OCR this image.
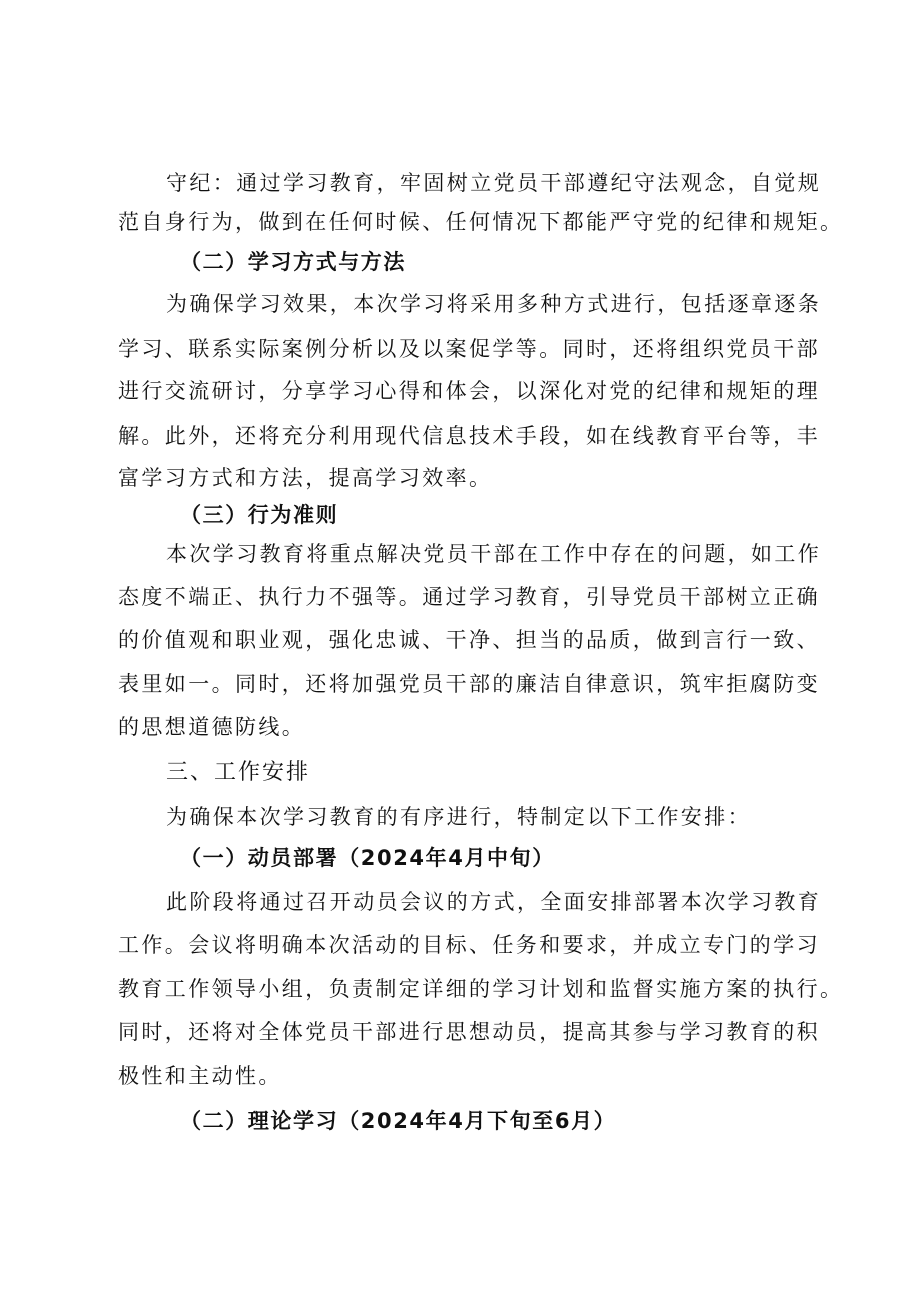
守纪：通过学习教育，牢固树立党员干部遵纪守法观念，自觉规
范自身行为，做到在任何时候、任何情况下都能严守党的纪律和规矩。
（二）学习方式与方法
为确保学习效果，本次学习将采用多种方式进行，包括逐章逐条
学习、联系实际案例分析以及以案促学等。同时，还将组织党员干部
进行交流研讨，分享学习心得和体会，以深化对党的纪律和规矩的理
解。此外，还将充分利用现代信息技术手段，如在线教育平台等，丰
富学习方式和方法，提高学习效率。
（三）行为准则
本次学习教育将重点解决党员干部在工作中存在的问题，如工作
态度不端正、执行力不强等。通过学习教育，引导党员干部树立正确
的价值观和职业观，强化忠诚、干净、担当的品质，做到言行一致、
表里如一。同时，还将加强党员干部的廉洁自律意识，筑牢拒腐防变
的思想道德防线。
三、工作安排
为确保本次学习教育的有序进行，特制定以下工作安排：
（一）动员部署（2024年4月中旬）
此阶段将通过召开动员会议的方式，全面安排部署本次学习教育
工作。会议将明确本次活动的目标、任务和要求，并成立专门的学习
教育工作领导小组，负责制定详细的学习计划和监督实施方案的执行。
同时，还将对全体党员干部进行思想动员，提高其参与学习教育的积
极性和主动性。
（二）理论学习（2024年4月下旬至6月）
